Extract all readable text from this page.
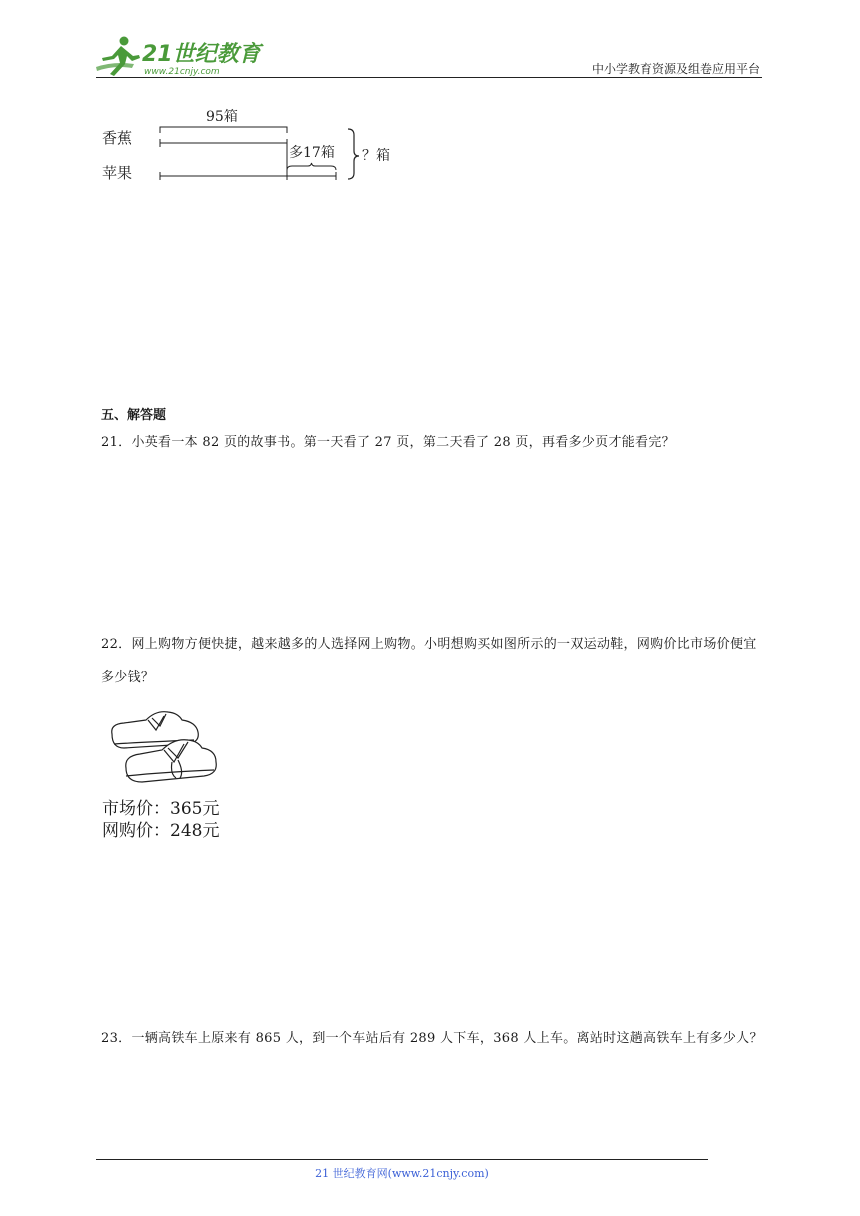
21世纪教育
www.21cnjy.com	中小学教育资源及组卷应用平台
香蕉
苹果
95箱
多17箱 ？箱
五、解答题
21．小英看一本 82 页的故事书。第一天看了 27 页，第二天看了 28 页，再看多少页才能看完？
22．网上购物方便快捷，越来越多的人选择网上购物。小明想购买如图所示的一双运动鞋，网购价比市场价便宜多少钱？
市场价：365元
网购价：248元
23．一辆高铁车上原来有 865 人，到一个车站后有 289 人下车，368 人上车。离站时这趟高铁车上有多少人？
21 世纪教育网(www.21cnjy.com)
